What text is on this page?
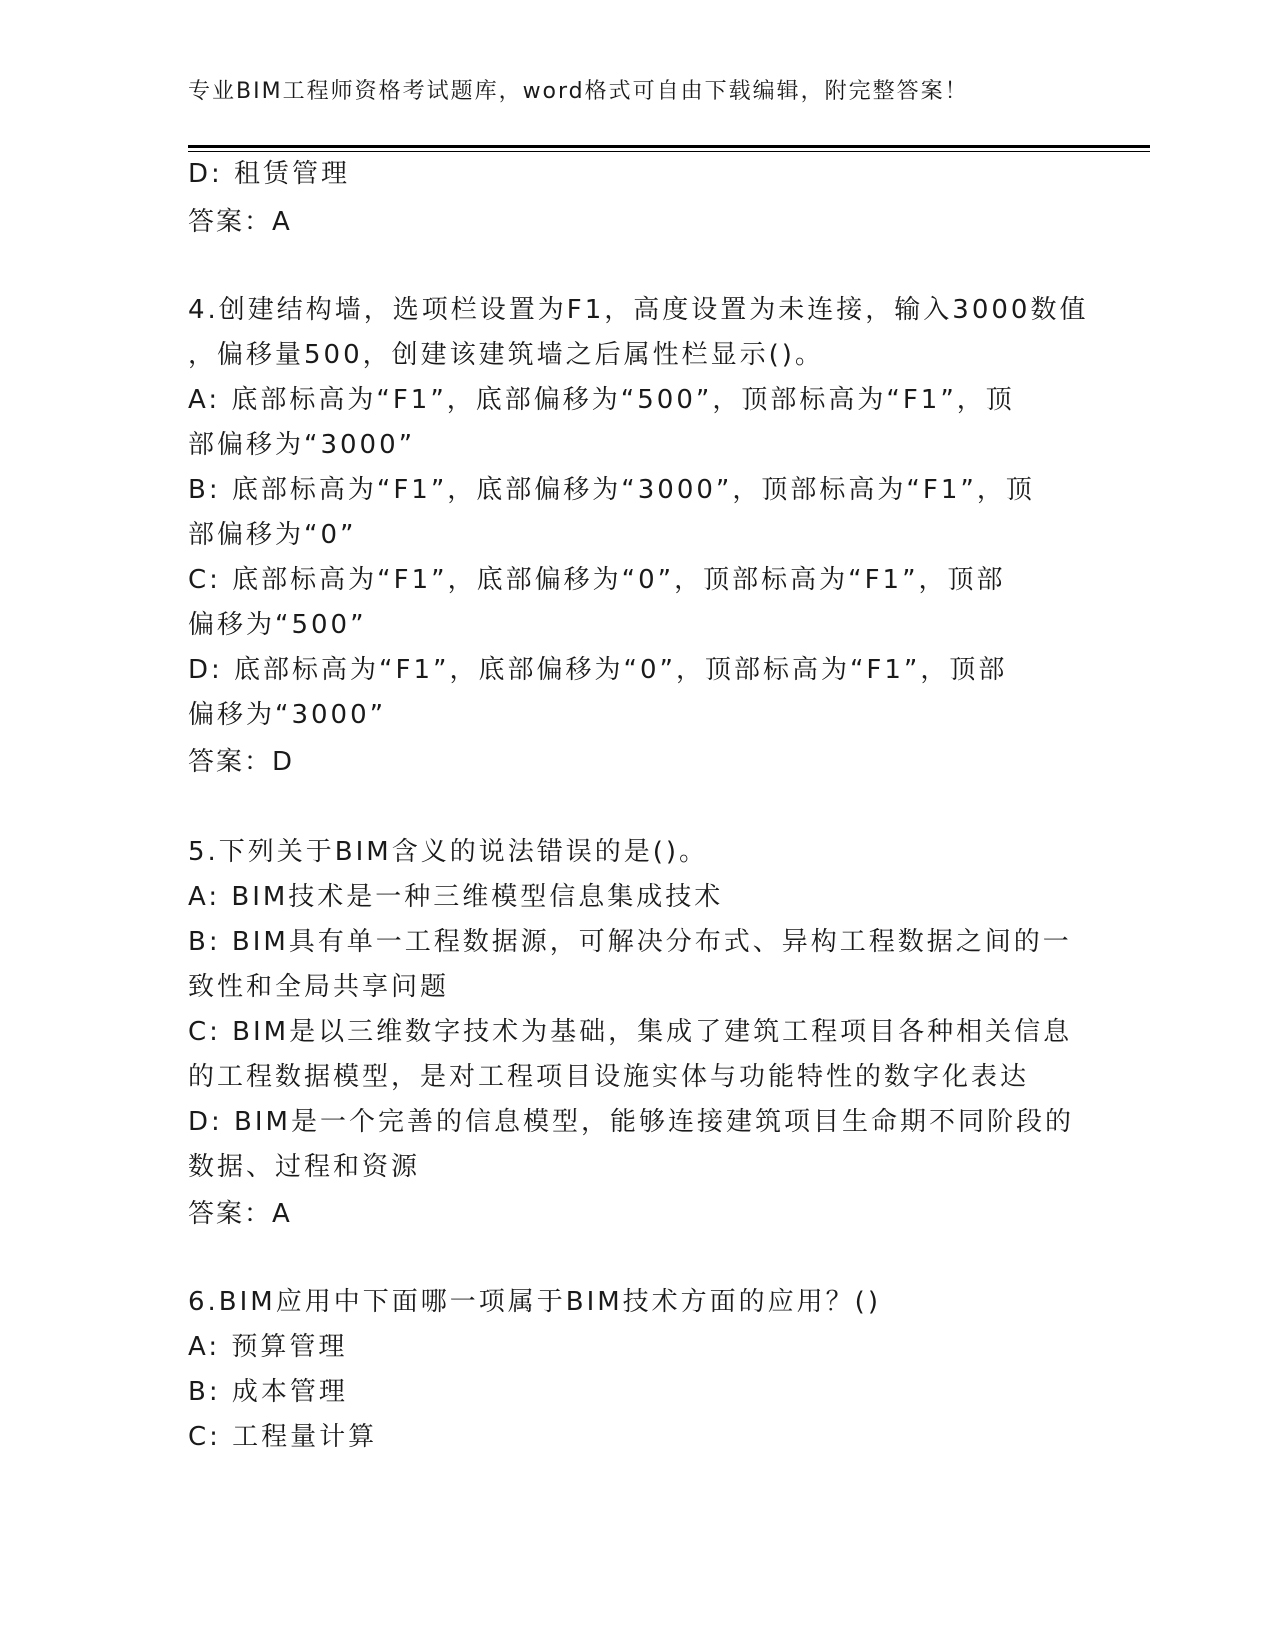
专业BIM工程师资格考试题库，word格式可自由下载编辑，附完整答案！
D: 租赁管理
答案：A
4.创建结构墙，选项栏设置为F1，高度设置为未连接，输入3000数值
，偏移量500，创建该建筑墙之后属性栏显示()。
A: 底部标高为“F1”，底部偏移为“500”，顶部标高为“F1”，顶
部偏移为“3000”
B: 底部标高为“F1”，底部偏移为“3000”，顶部标高为“F1”，顶
部偏移为“0”
C: 底部标高为“F1”，底部偏移为“0”，顶部标高为“F1”，顶部
偏移为“500”
D: 底部标高为“F1”，底部偏移为“0”，顶部标高为“F1”，顶部
偏移为“3000”
答案：D
5.下列关于BIM含义的说法错误的是()。
A: BIM技术是一种三维模型信息集成技术
B: BIM具有单一工程数据源，可解决分布式、异构工程数据之间的一
致性和全局共享问题
C: BIM是以三维数字技术为基础，集成了建筑工程项目各种相关信息
的工程数据模型，是对工程项目设施实体与功能特性的数字化表达
D: BIM是一个完善的信息模型，能够连接建筑项目生命期不同阶段的
数据、过程和资源
答案：A
6.BIM应用中下面哪一项属于BIM技术方面的应用？()
A: 预算管理
B: 成本管理
C: 工程量计算
